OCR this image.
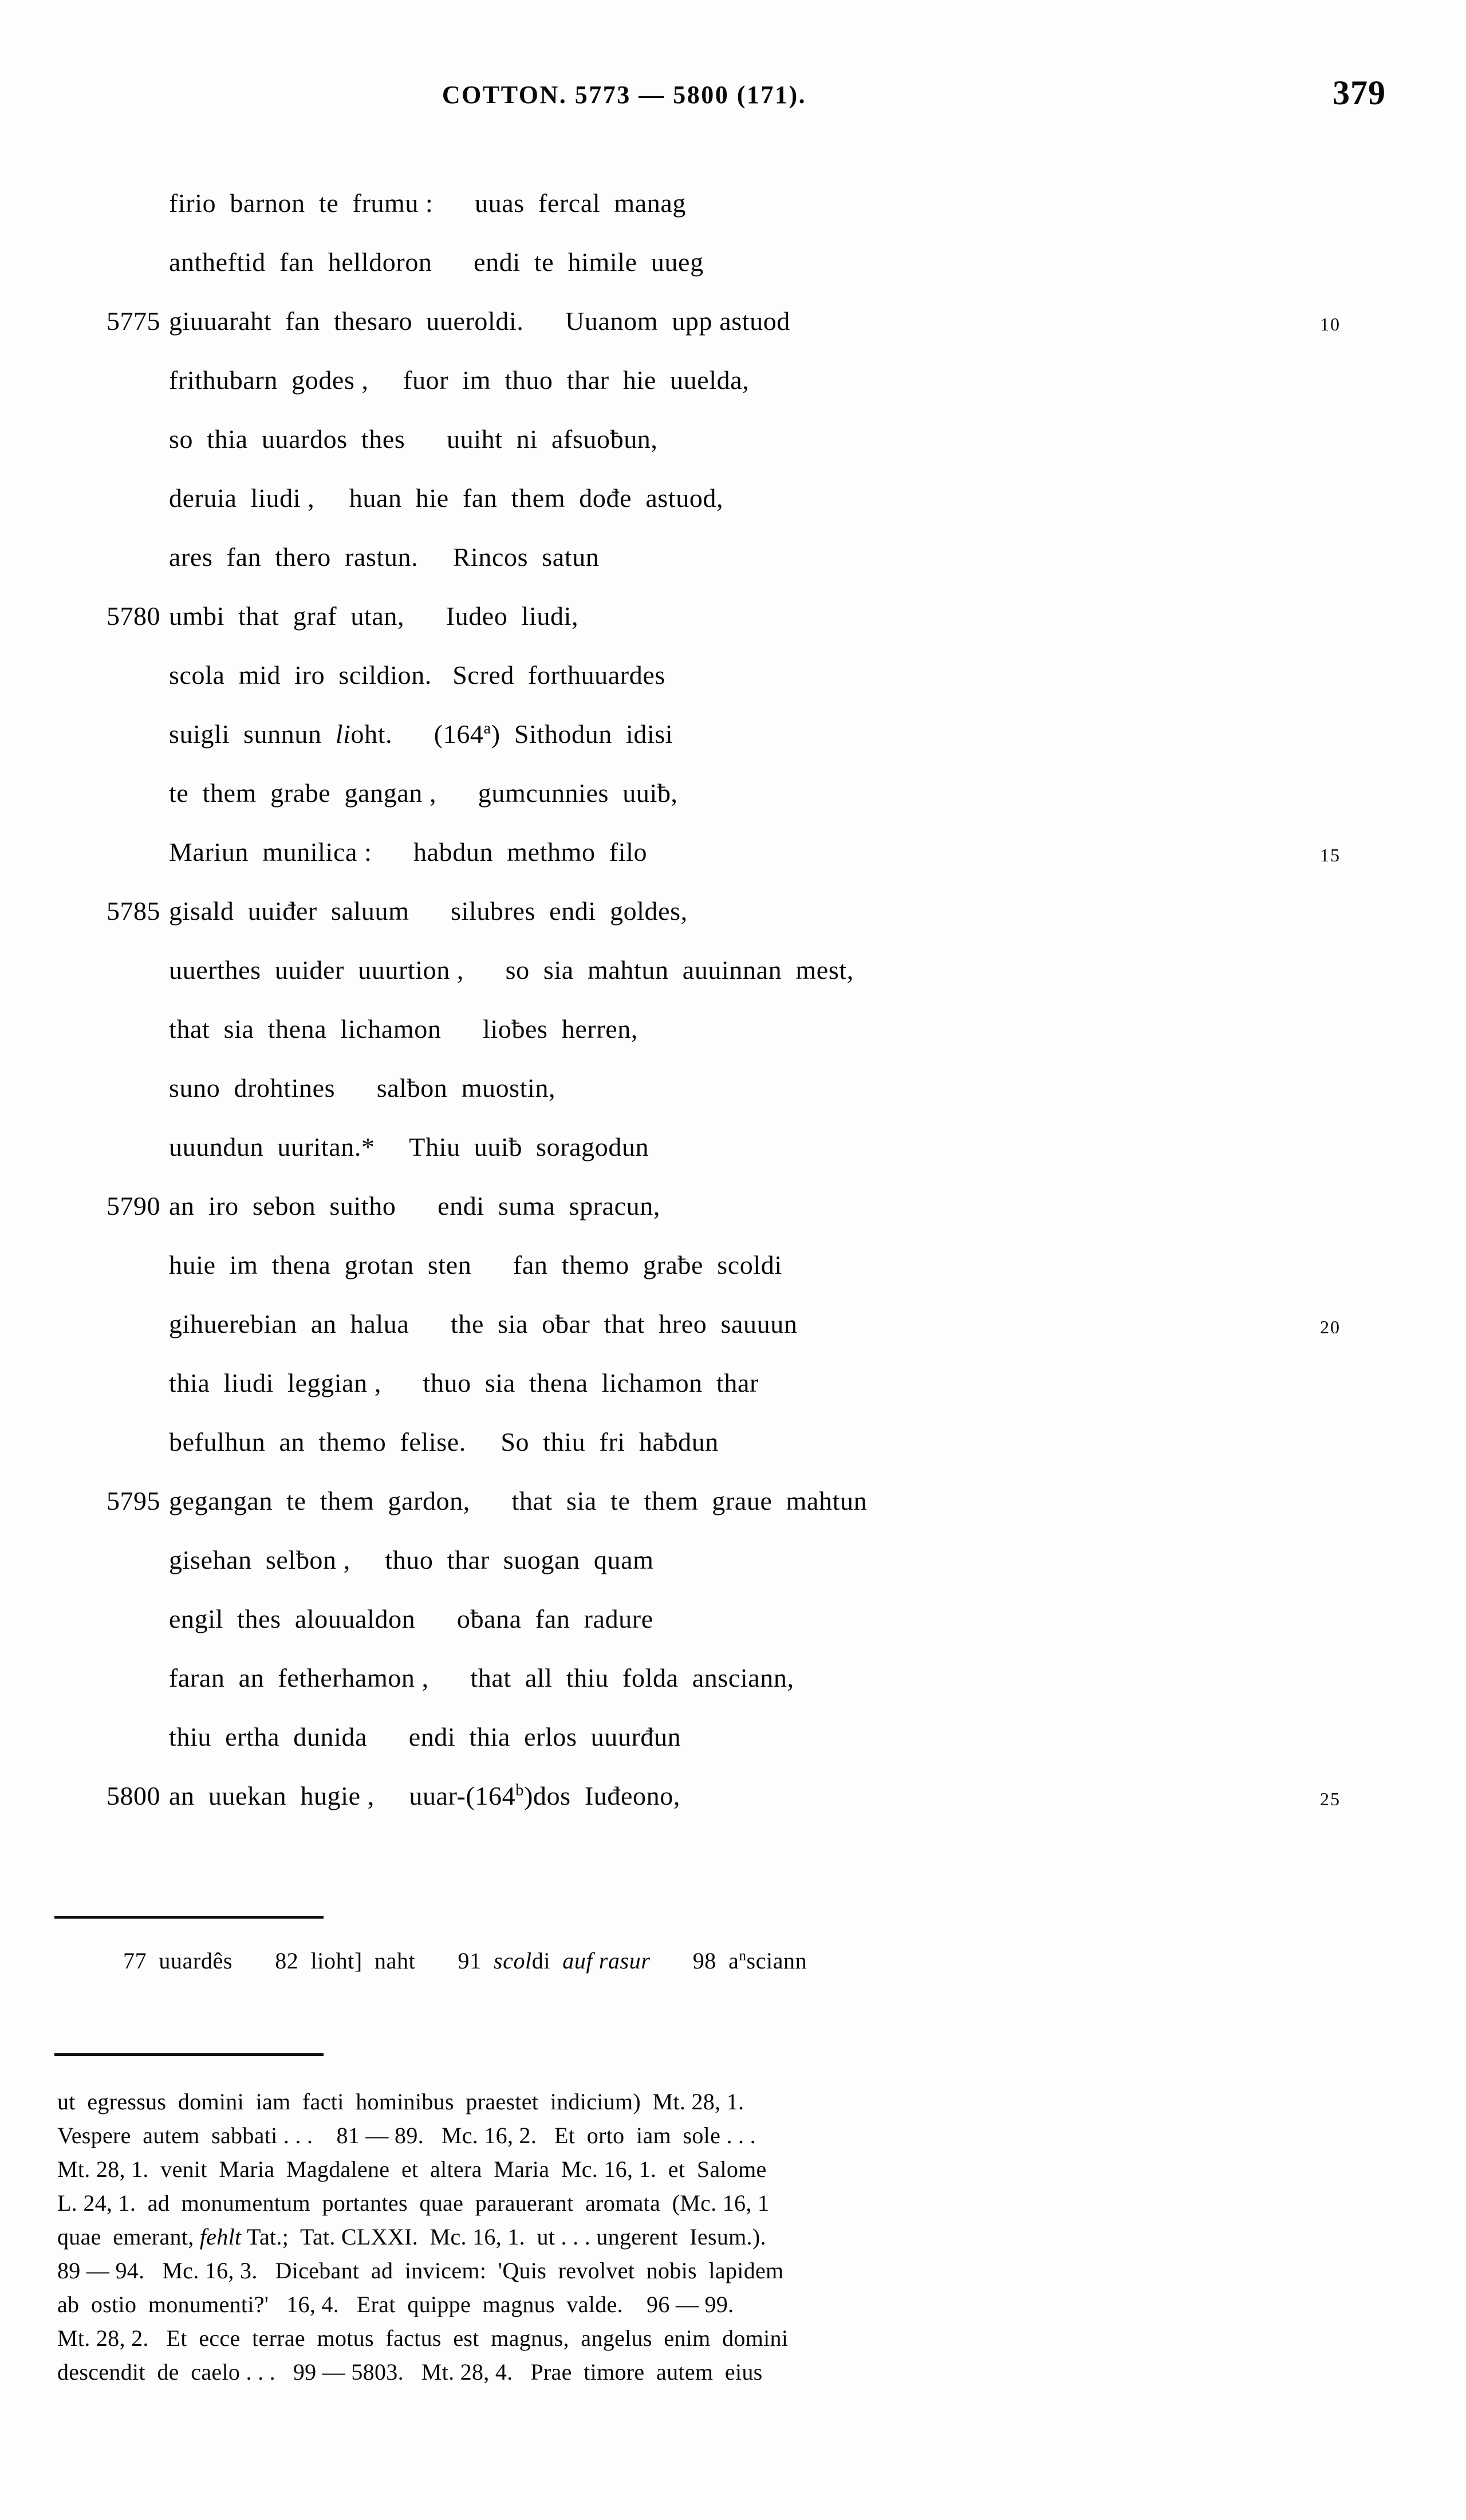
COTTON. 5773 — 5800 (171).	379
firio  barnon  te  frumu :      uuas  fercal  manag
antheftid  fan  helldoron      endi  te  himile  uueg
5775 giuuaraht  fan  thesaro  uueroldi.      Uuanom  upp astuod	10
frithubarn  godes ,     fuor  im  thuo  thar  hie  uuelda,
so  thia  uuardos  thes      uuiht  ni  afsuoƀun,
deruia  liudi ,     huan  hie  fan  them  dođe  astuod,
ares  fan  thero  rastun.     Rincos  satun
5780 umbi  that  graf  utan,      Iudeo  liudi,
scola  mid  iro  scildion.   Scred  forthuuardes
suigli  sunnun  lioht.      (164$^a$)  Sithodun  idisi
te  them  grabe  gangan ,      gumcunnies  uuiƀ,
Mariun  munilica :      habdun  methmo  filo	15
5785 gisald  uuiđer  saluum      silubres  endi  goldes,
uuerthes  uuider  uuurtion ,      so  sia  mahtun  auuinnan  mest,
that  sia  thena  lichamon      lioƀes  herren,
suno  drohtines      salƀon  muostin,
uuundun  uuritan.*     Thiu  uuiƀ  soragodun
5790 an  iro  sebon  suitho      endi  suma  spracun,
huie  im  thena  grotan  sten      fan  themo  graƀe  scoldi
gihuerebian  an  halua      the  sia  oƀar  that  hreo  sauuun	20
thia  liudi  leggian ,      thuo  sia  thena  lichamon  thar
befulhun  an  themo  felise.     So  thiu  fri  haƀdun
5795 gegangan  te  them  gardon,      that  sia  te  them  graue  mahtun
gisehan  selƀon ,     thuo  thar  suogan  quam
engil  thes  alouualdon      oƀana  fan  radure
faran  an  fetherhamon ,      that  all  thiu  folda  ansciann,
thiu  ertha  dunida      endi  thia  erlos  uuurđun
5800 an  uuekan  hugie ,     uuar-(164$^b$)dos  Iuđeono,	25
77  uuardês       82  lioht]  naht       91  scoldi  auf rasur       98  $a^nsciann$
ut  egressus  domini  iam  facti  hominibus  praestet  indicium)  Mt. 28, 1.
Vespere  autem  sabbati . . .    81 — 89.   Mc. 16, 2.   Et  orto  iam  sole . . .
Mt. 28, 1.  venit  Maria  Magdalene  et  altera  Maria  Mc. 16, 1.  et  Salome
L. 24, 1.  ad  monumentum  portantes  quae  parauerant  aromata  (Mc. 16, 1
quae  emerant, fehlt Tat.;  Tat. CLXXI.  Mc. 16, 1.  ut . . . ungerent  Iesum.).
89 — 94.   Mc. 16, 3.   Dicebant  ad  invicem:  'Quis  revolvet  nobis  lapidem
ab  ostio  monumenti?'   16, 4.   Erat  quippe  magnus  valde.    96 — 99.
Mt. 28, 2.   Et  ecce  terrae  motus  factus  est  magnus,  angelus  enim  domini
descendit  de  caelo . . .   99 — 5803.   Mt. 28, 4.   Prae  timore  autem  eius
